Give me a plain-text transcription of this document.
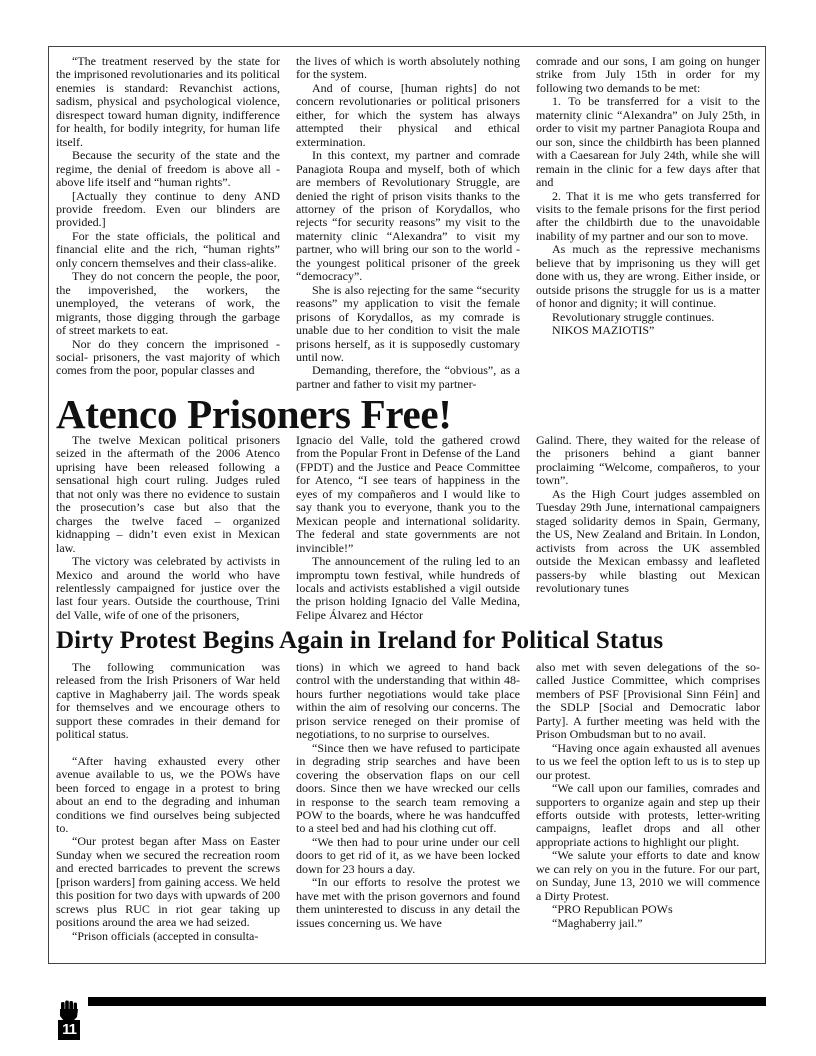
“The treatment reserved by the state for the imprisoned revolutionaries and its political enemies is standard: Revanchist actions, sadism, physical and psychological violence, disrespect toward human dignity, indifference for health, for bodily integrity, for human life itself.

Because the security of the state and the regime, the denial of freedom is above all - above life itself and “human rights”.

[Actually they continue to deny AND provide freedom. Even our blinders are provided.]

For the state officials, the political and financial elite and the rich, “human rights” only concern themselves and their class-alike.

They do not concern the people, the poor, the impoverished, the workers, the unemployed, the veterans of work, the migrants, those digging through the garbage of street markets to eat.

Nor do they concern the imprisoned - social- prisoners, the vast majority of which comes from the poor, popular classes and

the lives of which is worth absolutely nothing for the system.

And of course, [human rights] do not concern revolutionaries or political prisoners either, for which the system has always attempted their physical and ethical extermination.

In this context, my partner and comrade Panagiota Roupa and myself, both of which are members of Revolutionary Struggle, are denied the right of prison visits thanks to the attorney of the prison of Korydallos, who rejects “for security reasons” my visit to the maternity clinic “Alexandra” to visit my partner, who will bring our son to the world - the youngest political prisoner of the greek “democracy”.

She is also rejecting for the same “security reasons” my application to visit the female prisons of Korydallos, as my comrade is unable due to her condition to visit the male prisons herself, as it is supposedly customary until now.

Demanding, therefore, the “obvious”, as a partner and father to visit my partner-

comrade and our sons, I am going on hunger strike from July 15th in order for my following two demands to be met:

1. To be transferred for a visit to the maternity clinic “Alexandra” on July 25th, in order to visit my partner Panagiota Roupa and our son, since the childbirth has been planned with a Caesarean for July 24th, while she will remain in the clinic for a few days after that and

2. That it is me who gets transferred for visits to the female prisons for the first period after the childbirth due to the unavoidable inability of my partner and our son to move.

As much as the repressive mechanisms believe that by imprisoning us they will get done with us, they are wrong. Either inside, or outside prisons the struggle for us is a matter of honor and dignity; it will continue.

Revolutionary struggle continues.

NIKOS MAZIOTIS”

Atenco Prisoners Free!

The twelve Mexican political prisoners seized in the aftermath of the 2006 Atenco uprising have been released following a sensational high court ruling. Judges ruled that not only was there no evidence to sustain the prosecution’s case but also that the charges the twelve faced – organized kidnapping – didn’t even exist in Mexican law.

The victory was celebrated by activists in Mexico and around the world who have relentlessly campaigned for justice over the last four years. Outside the courthouse, Trini del Valle, wife of one of the prisoners,

Ignacio del Valle, told the gathered crowd from the Popular Front in Defense of the Land (FPDT) and the Justice and Peace Committee for Atenco, “I see tears of happiness in the eyes of my compañeros and I would like to say thank you to everyone, thank you to the Mexican people and international solidarity. The federal and state governments are not invincible!”

The announcement of the ruling led to an impromptu town festival, while hundreds of locals and activists established a vigil outside the prison holding Ignacio del Valle Medina, Felipe Álvarez and Héctor

Galind. There, they waited for the release of the prisoners behind a giant banner proclaiming “Welcome, compañeros, to your town”.

As the High Court judges assembled on Tuesday 29th June, international campaigners staged solidarity demos in Spain, Germany, the US, New Zealand and Britain. In London, activists from across the UK assembled outside the Mexican embassy and leafleted passers-by while blasting out Mexican revolutionary tunes

Dirty Protest Begins Again in Ireland for Political Status

The following communication was released from the Irish Prisoners of War held captive in Maghaberry jail. The words speak for themselves and we encourage others to support these comrades in their demand for political status.

“After having exhausted every other avenue available to us, we the POWs have been forced to engage in a protest to bring about an end to the degrading and inhuman conditions we find ourselves being subjected to.

“Our protest began after Mass on Easter Sunday when we secured the recreation room and erected barricades to prevent the screws [prison warders] from gaining access. We held this position for two days with upwards of 200 screws plus RUC in riot gear taking up positions around the area we had seized.

“Prison officials (accepted in consulta-

tions) in which we agreed to hand back control with the understanding that within 48-hours further negotiations would take place within the aim of resolving our concerns. The prison service reneged on their promise of negotiations, to no surprise to ourselves.

“Since then we have refused to participate in degrading strip searches and have been covering the observation flaps on our cell doors. Since then we have wrecked our cells in response to the search team removing a POW to the boards, where he was handcuffed to a steel bed and had his clothing cut off.

“We then had to pour urine under our cell doors to get rid of it, as we have been locked down for 23 hours a day.

“In our efforts to resolve the protest we have met with the prison governors and found them uninterested to discuss in any detail the issues concerning us. We have

also met with seven delegations of the so-called Justice Committee, which comprises members of PSF [Provisional Sinn Féin] and the SDLP [Social and Democratic labor Party]. A further meeting was held with the Prison Ombudsman but to no avail.

“Having once again exhausted all avenues to us we feel the option left to us is to step up our protest.

“We call upon our families, comrades and supporters to organize again and step up their efforts outside with protests, letter-writing campaigns, leaflet drops and all other appropriate actions to highlight our plight.

“We salute your efforts to date and know we can rely on you in the future. For our part, on Sunday, June 13, 2010 we will commence a Dirty Protest.

“PRO Republican POWs

“Maghaberry jail.”

11
